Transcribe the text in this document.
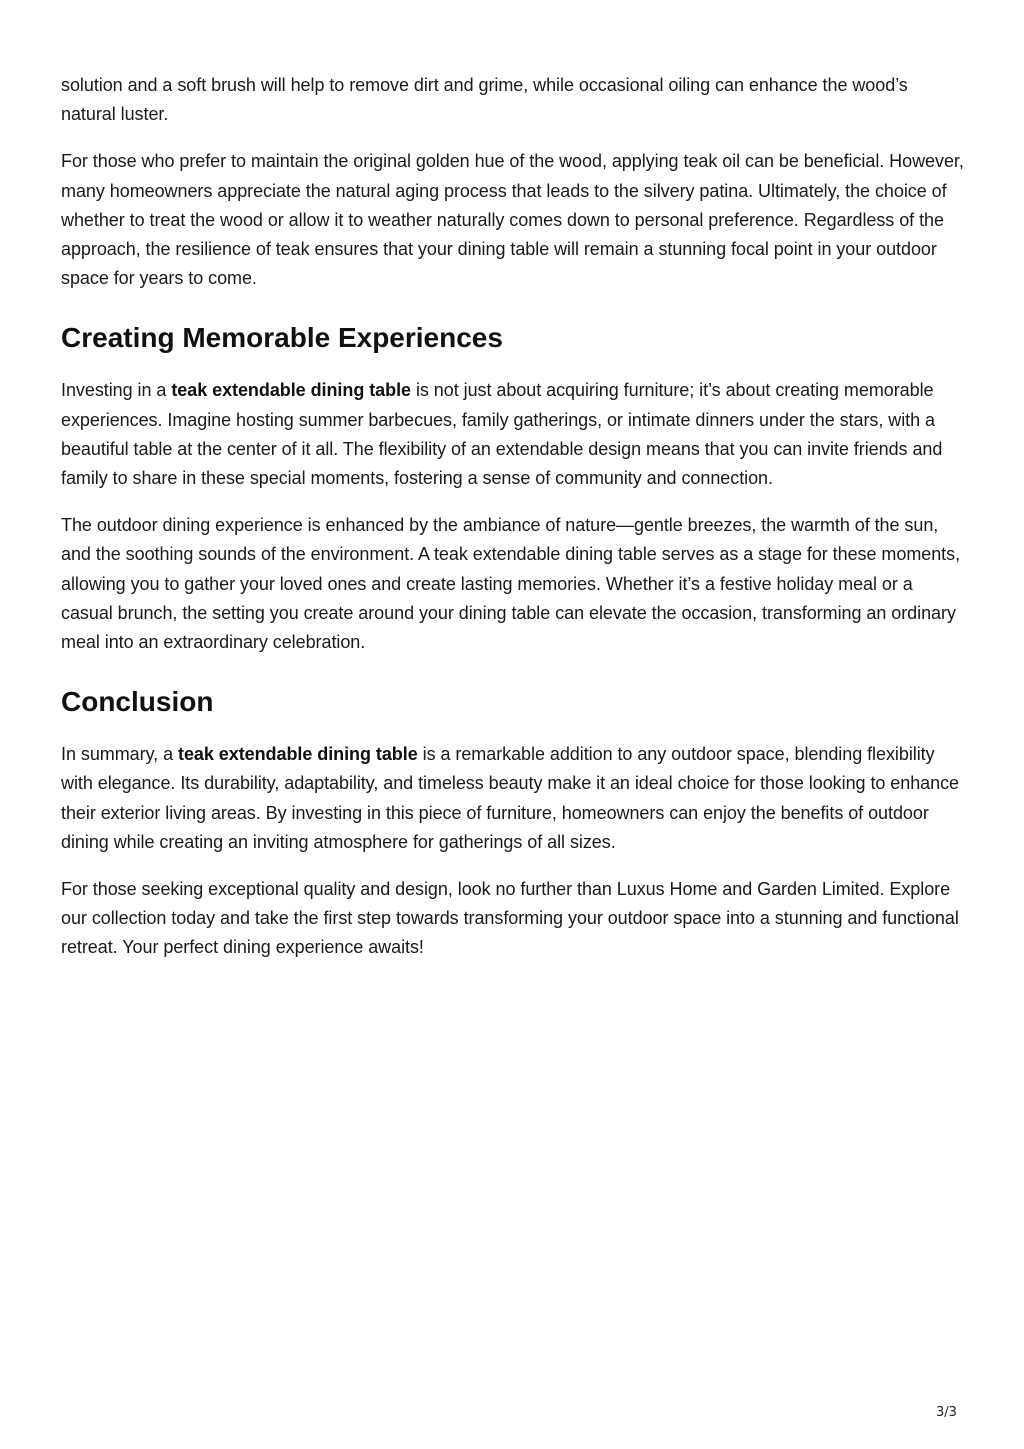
solution and a soft brush will help to remove dirt and grime, while occasional oiling can enhance the wood’s natural luster.

For those who prefer to maintain the original golden hue of the wood, applying teak oil can be beneficial. However, many homeowners appreciate the natural aging process that leads to the silvery patina. Ultimately, the choice of whether to treat the wood or allow it to weather naturally comes down to personal preference. Regardless of the approach, the resilience of teak ensures that your dining table will remain a stunning focal point in your outdoor space for years to come.

Creating Memorable Experiences

Investing in a teak extendable dining table is not just about acquiring furniture; it’s about creating memorable experiences. Imagine hosting summer barbecues, family gatherings, or intimate dinners under the stars, with a beautiful table at the center of it all. The flexibility of an extendable design means that you can invite friends and family to share in these special moments, fostering a sense of community and connection.

The outdoor dining experience is enhanced by the ambiance of nature—gentle breezes, the warmth of the sun, and the soothing sounds of the environment. A teak extendable dining table serves as a stage for these moments, allowing you to gather your loved ones and create lasting memories. Whether it’s a festive holiday meal or a casual brunch, the setting you create around your dining table can elevate the occasion, transforming an ordinary meal into an extraordinary celebration.

Conclusion

In summary, a teak extendable dining table is a remarkable addition to any outdoor space, blending flexibility with elegance. Its durability, adaptability, and timeless beauty make it an ideal choice for those looking to enhance their exterior living areas. By investing in this piece of furniture, homeowners can enjoy the benefits of outdoor dining while creating an inviting atmosphere for gatherings of all sizes.

For those seeking exceptional quality and design, look no further than Luxus Home and Garden Limited. Explore our collection today and take the first step towards transforming your outdoor space into a stunning and functional retreat. Your perfect dining experience awaits!

3/3
